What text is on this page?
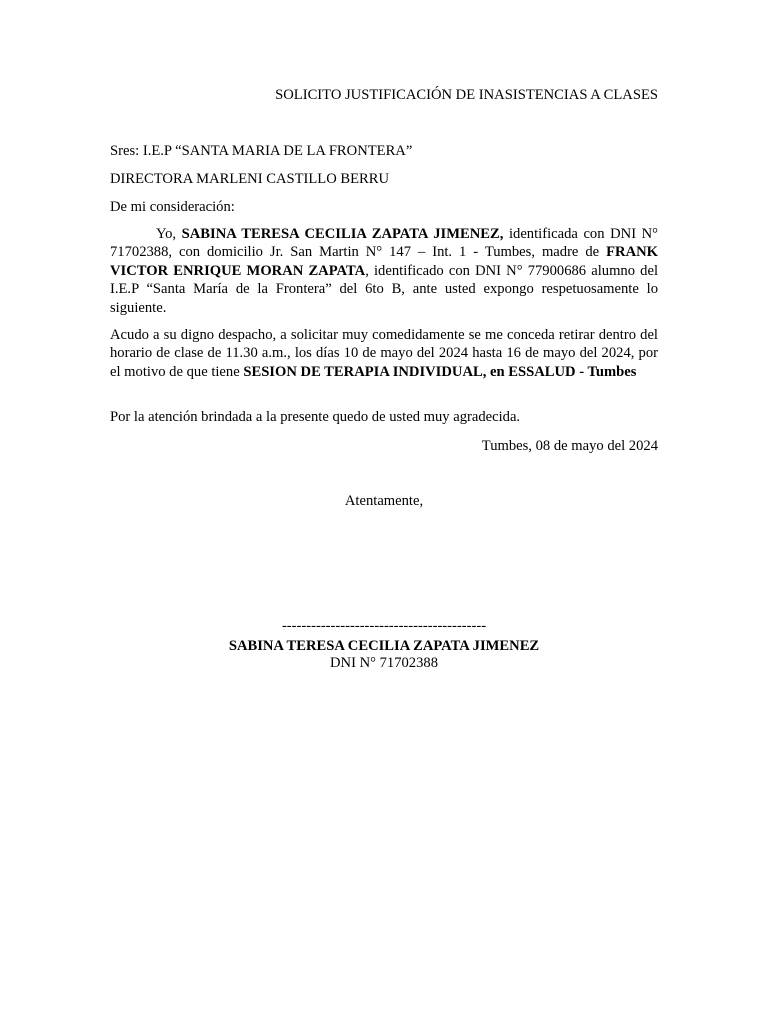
SOLICITO JUSTIFICACIÓN DE INASISTENCIAS A CLASES
Sres: I.E.P “SANTA MARIA DE LA FRONTERA”
DIRECTORA MARLENI CASTILLO BERRU
De mi consideración:

Yo, SABINA TERESA CECILIA ZAPATA JIMENEZ, identificada con DNI N° 71702388, con domicilio Jr. San Martin N° 147 – Int. 1 - Tumbes, madre de FRANK VICTOR ENRIQUE MORAN ZAPATA, identificado con DNI N° 77900686 alumno del I.E.P “Santa María de la Frontera” del 6to B, ante usted expongo respetuosamente lo siguiente.

Acudo a su digno despacho, a solicitar muy comedidamente se me conceda retirar dentro del horario de clase de 11.30 a.m., los días 10 de mayo del 2024 hasta 16 de mayo del 2024, por el motivo de que tiene SESION DE TERAPIA INDIVIDUAL, en ESSALUD - Tumbes

Por la atención brindada a la presente quedo de usted muy agradecida.

Tumbes, 08 de mayo del 2024
Atentamente,
------------------------------------------
SABINA TERESA CECILIA ZAPATA JIMENEZ
DNI N° 71702388
